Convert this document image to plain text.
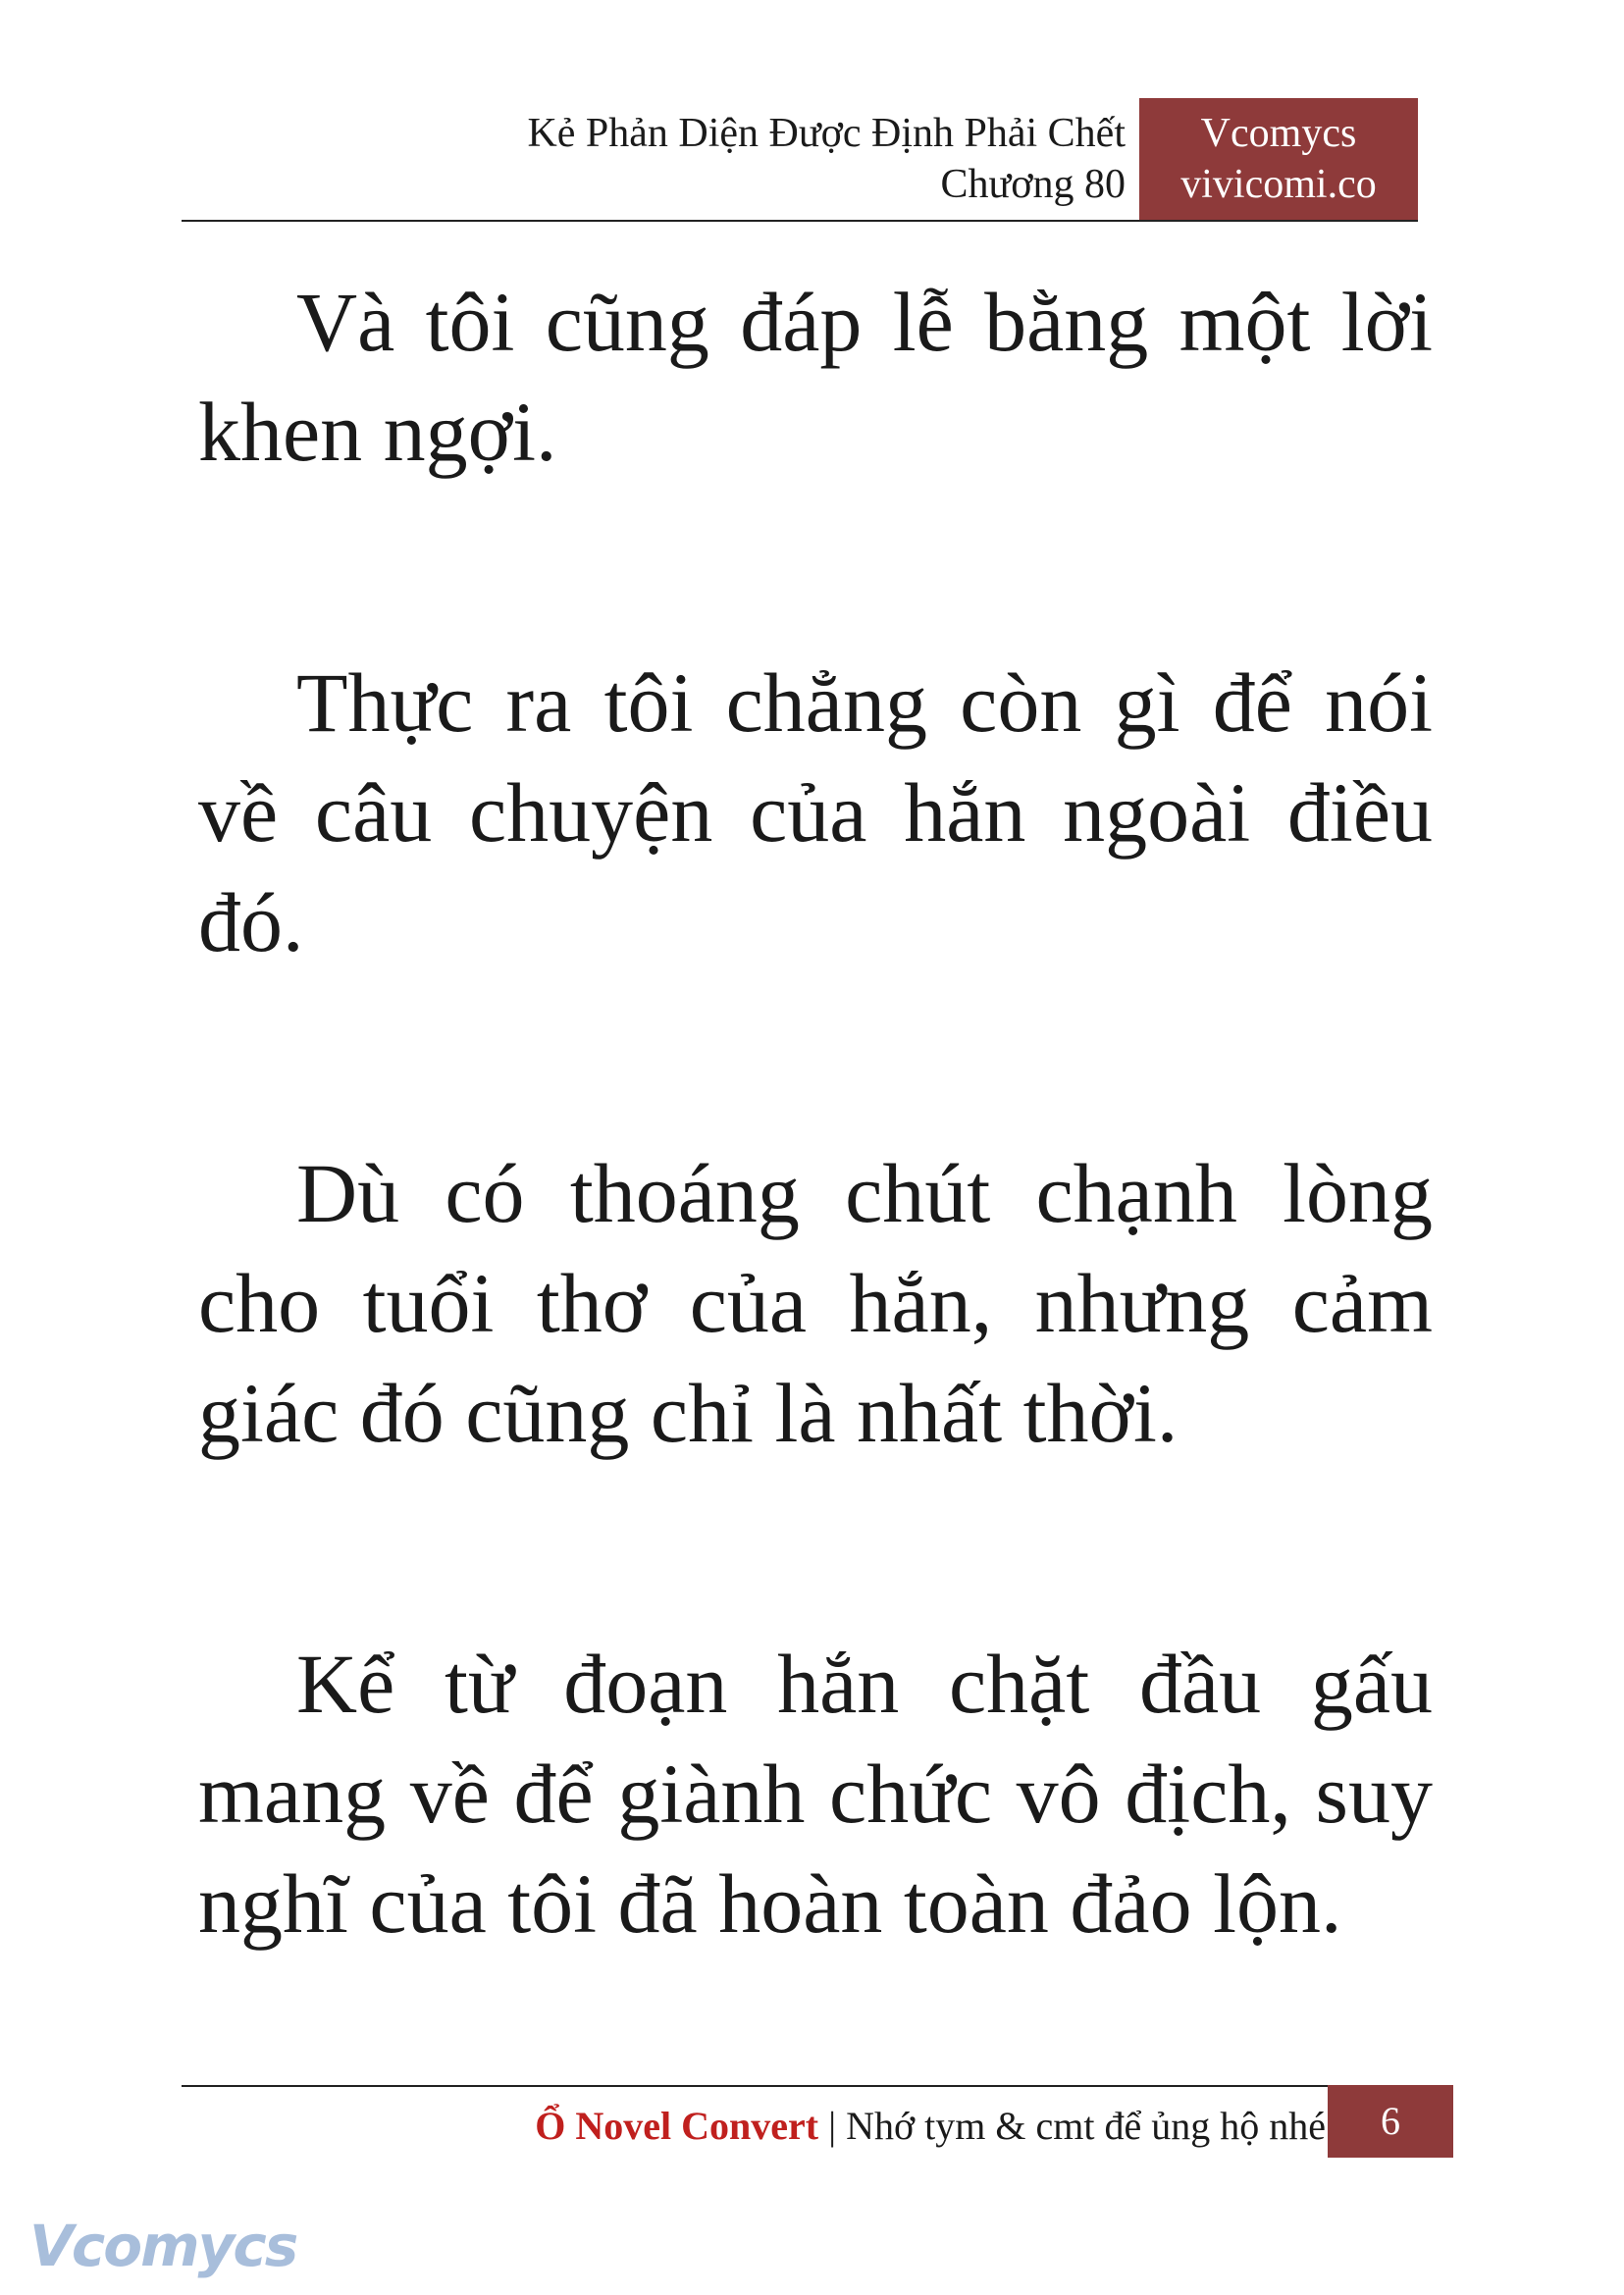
Kẻ Phản Diện Được Định Phải Chết
Chương 80
Vcomycs
vivicomi.co

Và tôi cũng đáp lễ bằng một lời khen ngợi.

Thực ra tôi chẳng còn gì để nói về câu chuyện của hắn ngoài điều đó.

Dù có thoáng chút chạnh lòng cho tuổi thơ của hắn, nhưng cảm giác đó cũng chỉ là nhất thời.

Kể từ đoạn hắn chặt đầu gấu mang về để giành chức vô địch, suy nghĩ của tôi đã hoàn toàn đảo lộn.

Ổ Novel Convert | Nhớ tym & cmt để ủng hộ nhé	6
Vcomycs
